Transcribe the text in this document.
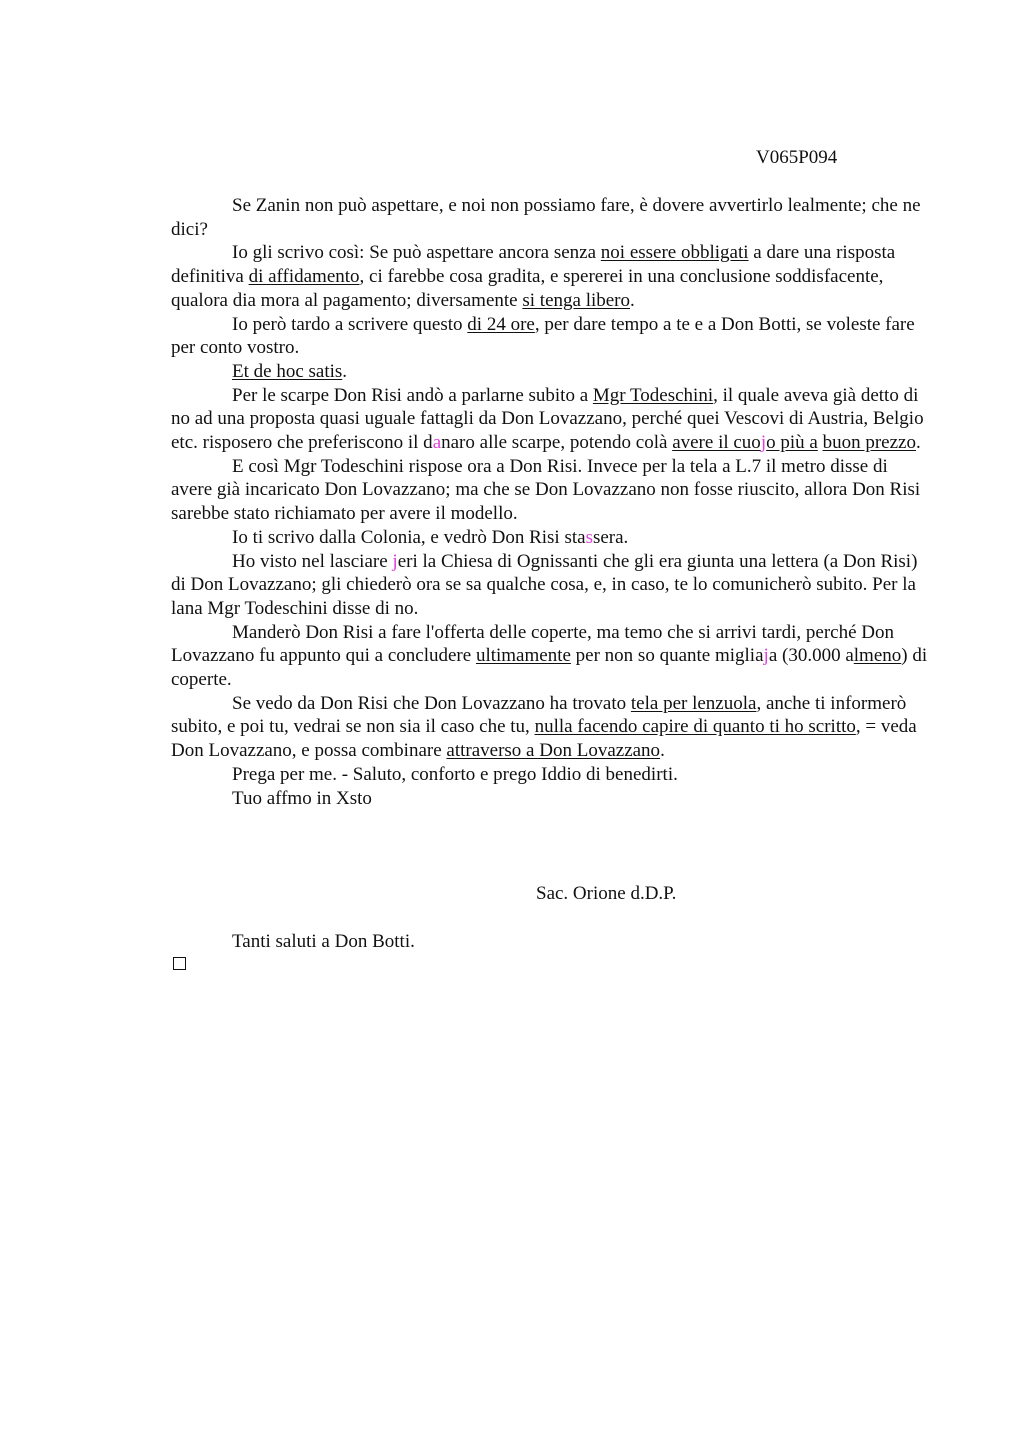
V065P094

Se Zanin non può aspettare, e noi non possiamo fare, è dovere avvertirlo lealmente; che ne dici?

Io gli scrivo così: Se può aspettare ancora senza noi essere obbligati a dare una risposta definitiva di affidamento, ci farebbe cosa gradita, e spererei in una conclusione soddisfacente, qualora dia mora al pagamento; diversamente si tenga libero.

Io però tardo a scrivere questo di 24 ore, per dare tempo a te e a Don Botti, se voleste fare per conto vostro.

Et de hoc satis.

Per le scarpe Don Risi andò a parlarne subito a Mgr Todeschini, il quale aveva già detto di no ad una proposta quasi uguale fattagli da Don Lovazzano, perché quei Vescovi di Austria, Belgio etc. risposero che preferiscono il danaro alle scarpe, potendo colà avere il cuojo più a buon prezzo.

E così Mgr Todeschini rispose ora a Don Risi. Invece per la tela a L.7 il metro disse di avere già incaricato Don Lovazzano; ma che se Don Lovazzano non fosse riuscito, allora Don Risi sarebbe stato richiamato per avere il modello.

Io ti scrivo dalla Colonia, e vedrò Don Risi stassera.

Ho visto nel lasciare jeri la Chiesa di Ognissanti che gli era giunta una lettera (a Don Risi) di Don Lovazzano; gli chiederò ora se sa qualche cosa, e, in caso, te lo comunicherò subito. Per la lana Mgr Todeschini disse di no.

Manderò Don Risi a fare l'offerta delle coperte, ma temo che si arrivi tardi, perché Don Lovazzano fu appunto qui a concludere ultimamente per non so quante migliaja (30.000 almeno) di coperte.

Se vedo da Don Risi che Don Lovazzano ha trovato tela per lenzuola, anche ti informerò subito, e poi tu, vedrai se non sia il caso che tu, nulla facendo capire di quanto ti ho scritto, = veda Don Lovazzano, e possa combinare attraverso a Don Lovazzano.

Prega per me. - Saluto, conforto e prego Iddio di benedirti.

Tuo affmo in Xsto

Sac. Orione d.D.P.
Tanti saluti a Don Botti.
